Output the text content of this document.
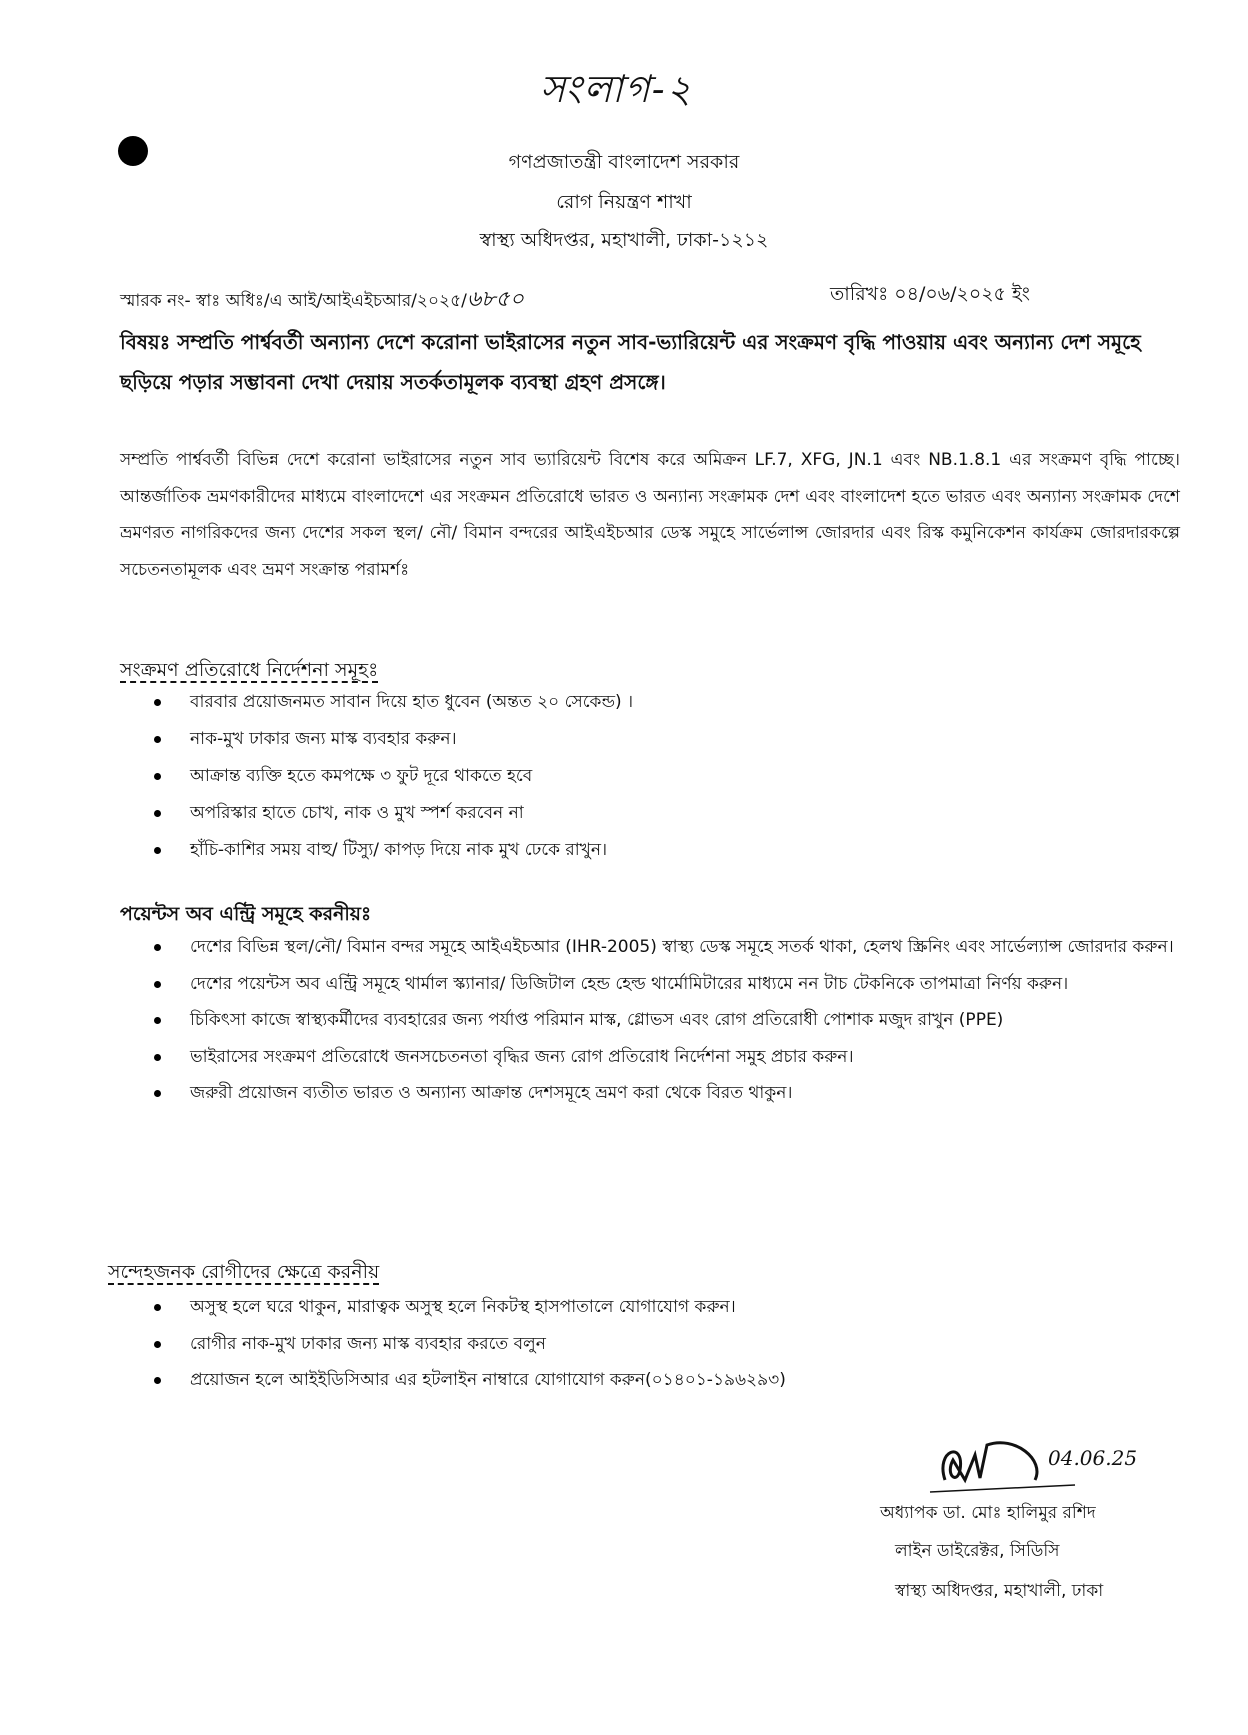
সংলাগ-২
গণপ্রজাতন্ত্রী বাংলাদেশ সরকার
রোগ নিয়ন্ত্রণ শাখা
স্বাস্থ্য অধিদপ্তর, মহাখালী, ঢাকা-১২১২
স্মারক নং- স্বাঃ অধিঃ/এ আই/আইএইচআর/২০২৫/৬৮৫০	তারিখঃ ০৪/০৬/২০২৫ ইং
বিষয়ঃ সম্প্রতি পার্শ্ববর্তী অন্যান্য দেশে করোনা ভাইরাসের নতুন সাব-ভ্যারিয়েন্ট এর সংক্রমণ বৃদ্ধি পাওয়ায় এবং অন্যান্য দেশ সমূহে ছড়িয়ে পড়ার সম্ভাবনা দেখা দেয়ায় সতর্কতামূলক ব্যবস্থা গ্রহণ প্রসঙ্গে।
সম্প্রতি পার্শ্ববর্তী বিভিন্ন দেশে করোনা ভাইরাসের নতুন সাব ভ্যারিয়েন্ট বিশেষ করে অমিক্রন LF.7, XFG, JN.1 এবং NB.1.8.1 এর সংক্রমণ বৃদ্ধি পাচ্ছে। আন্তর্জাতিক ভ্রমণকারীদের মাধ্যমে বাংলাদেশে এর সংক্রমন প্রতিরোধে ভারত ও অন্যান্য সংক্রামক দেশ এবং বাংলাদেশ হতে ভারত এবং অন্যান্য সংক্রামক দেশে ভ্রমণরত নাগরিকদের জন্য দেশের সকল স্থল/ নৌ/ বিমান বন্দরের আইএইচআর ডেস্ক সমুহে সার্ভেলান্স জোরদার এবং রিস্ক কমুনিকেশন কার্যক্রম জোরদারকল্পে সচেতনতামূলক এবং ভ্রমণ সংক্রান্ত পরামর্শঃ
সংক্রমণ প্রতিরোধে নির্দেশনা সমূহঃ
বারবার প্রয়োজনমত সাবান দিয়ে হাত ধুবেন (অন্তত ২০ সেকেন্ড) ।
নাক-মুখ ঢাকার জন্য মাস্ক ব্যবহার করুন।
আক্রান্ত ব্যক্তি হতে কমপক্ষে ৩ ফুট দূরে থাকতে হবে
অপরিস্কার হাতে চোখ, নাক ও মুখ স্পর্শ করবেন না
হাঁচি-কাশির সময় বাহু/ টিস্যু/ কাপড় দিয়ে নাক মুখ ঢেকে রাখুন।
পয়েন্টস অব এন্ট্রি সমূহে করনীয়ঃ
দেশের বিভিন্ন স্থল/নৌ/ বিমান বন্দর সমূহে আইএইচআর (IHR-2005) স্বাস্থ্য ডেস্ক সমূহে সতর্ক থাকা, হেলথ স্ক্রিনিং এবং সার্ভেল্যান্স জোরদার করুন।
দেশের পয়েন্টস অব এন্ট্রি সমূহে থার্মাল স্ক্যানার/ ডিজিটাল হেন্ড হেল্ড থার্মোমিটারের মাধ্যমে নন টাচ টেকনিকে তাপমাত্রা নির্ণয় করুন।
চিকিৎসা কাজে স্বাস্থ্যকর্মীদের ব্যবহারের জন্য পর্যাপ্ত পরিমান মাস্ক, গ্লোভস এবং রোগ প্রতিরোধী পোশাক মজুদ রাখুন (PPE)
ভাইরাসের সংক্রমণ প্রতিরোধে জনসচেতনতা বৃদ্ধির জন্য রোগ প্রতিরোধ নির্দেশনা সমুহ প্রচার করুন।
জরুরী প্রয়োজন ব্যতীত ভারত ও অন্যান্য আক্রান্ত দেশসমূহে ভ্রমণ করা থেকে বিরত থাকুন।
সন্দেহজনক রোগীদের ক্ষেত্রে করনীয়
অসুস্থ হলে ঘরে থাকুন, মারাত্বক অসুস্থ হলে নিকটস্থ হাসপাতালে যোগাযোগ করুন।
রোগীর নাক-মুখ ঢাকার জন্য মাস্ক ব্যবহার করতে বলুন
প্রয়োজন হলে আইইডিসিআর এর হটলাইন নাম্বারে যোগাযোগ করুন(০১৪০১-১৯৬২৯৩)
04.06.25
অধ্যাপক ডা. মোঃ হালিমুর রশিদ
লাইন ডাইরেক্টর, সিডিসি
স্বাস্থ্য অধিদপ্তর, মহাখালী, ঢাকা
